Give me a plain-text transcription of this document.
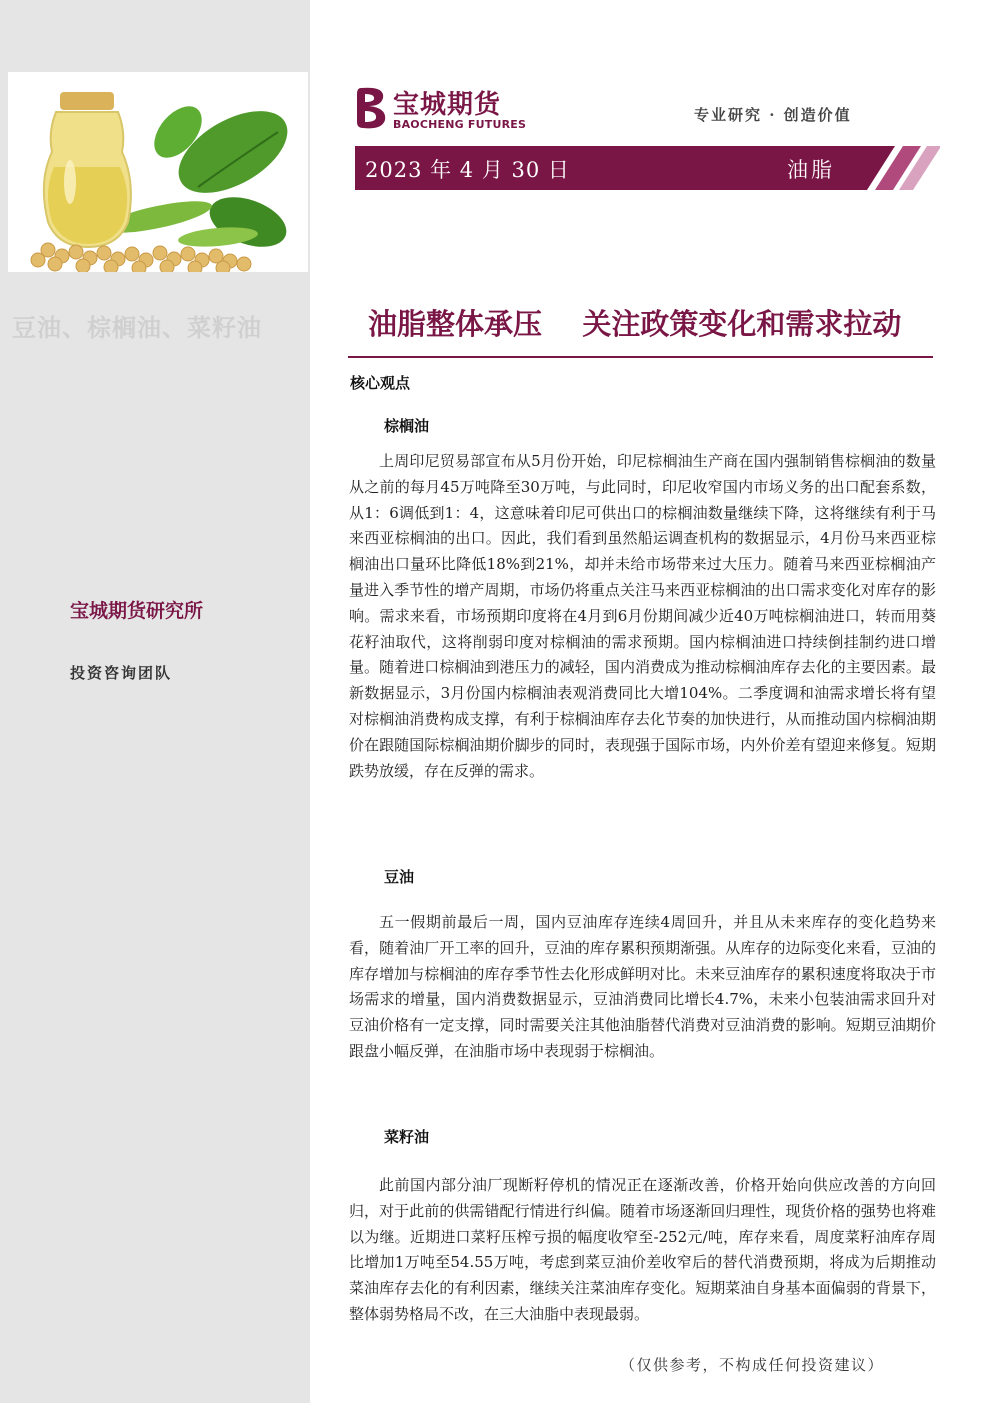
豆油、棕榈油、菜籽油
宝城期货研究所
投资咨询团队
宝城期货
BAOCHENG FUTURES
专业研究 · 创造价值
2023 年 4 月 30 日	油脂
油脂整体承压    关注政策变化和需求拉动
核心观点
棕榈油

上周印尼贸易部宣布从5月份开始，印尼棕榈油生产商在国内强制销售棕榈油的数量从之前的每月45万吨降至30万吨，与此同时，印尼收窄国内市场义务的出口配套系数，从1：6调低到1：4，这意味着印尼可供出口的棕榈油数量继续下降，这将继续有利于马来西亚棕榈油的出口。因此，我们看到虽然船运调查机构的数据显示，4月份马来西亚棕榈油出口量环比降低18%到21%，却并未给市场带来过大压力。随着马来西亚棕榈油产量进入季节性的增产周期，市场仍将重点关注马来西亚棕榈油的出口需求变化对库存的影响。需求来看，市场预期印度将在4月到6月份期间减少近40万吨棕榈油进口，转而用葵花籽油取代，这将削弱印度对棕榈油的需求预期。国内棕榈油进口持续倒挂制约进口增量。随着进口棕榈油到港压力的减轻，国内消费成为推动棕榈油库存去化的主要因素。最新数据显示，3月份国内棕榈油表观消费同比大增104%。二季度调和油需求增长将有望对棕榈油消费构成支撑，有利于棕榈油库存去化节奏的加快进行，从而推动国内棕榈油期价在跟随国际棕榈油期价脚步的同时，表现强于国际市场，内外价差有望迎来修复。短期跌势放缓，存在反弹的需求。

豆油

五一假期前最后一周，国内豆油库存连续4周回升，并且从未来库存的变化趋势来看，随着油厂开工率的回升，豆油的库存累积预期渐强。从库存的边际变化来看，豆油的库存增加与棕榈油的库存季节性去化形成鲜明对比。未来豆油库存的累积速度将取决于市场需求的增量，国内消费数据显示，豆油消费同比增长4.7%，未来小包装油需求回升对豆油价格有一定支撑，同时需要关注其他油脂替代消费对豆油消费的影响。短期豆油期价跟盘小幅反弹，在油脂市场中表现弱于棕榈油。

菜籽油

此前国内部分油厂现断籽停机的情况正在逐渐改善，价格开始向供应改善的方向回归，对于此前的供需错配行情进行纠偏。随着市场逐渐回归理性，现货价格的强势也将难以为继。近期进口菜籽压榨亏损的幅度收窄至-252元/吨，库存来看，周度菜籽油库存周比增加1万吨至54.55万吨，考虑到菜豆油价差收窄后的替代消费预期，将成为后期推动菜油库存去化的有利因素，继续关注菜油库存变化。短期菜油自身基本面偏弱的背景下，整体弱势格局不改，在三大油脂中表现最弱。

（仅供参考，不构成任何投资建议）
